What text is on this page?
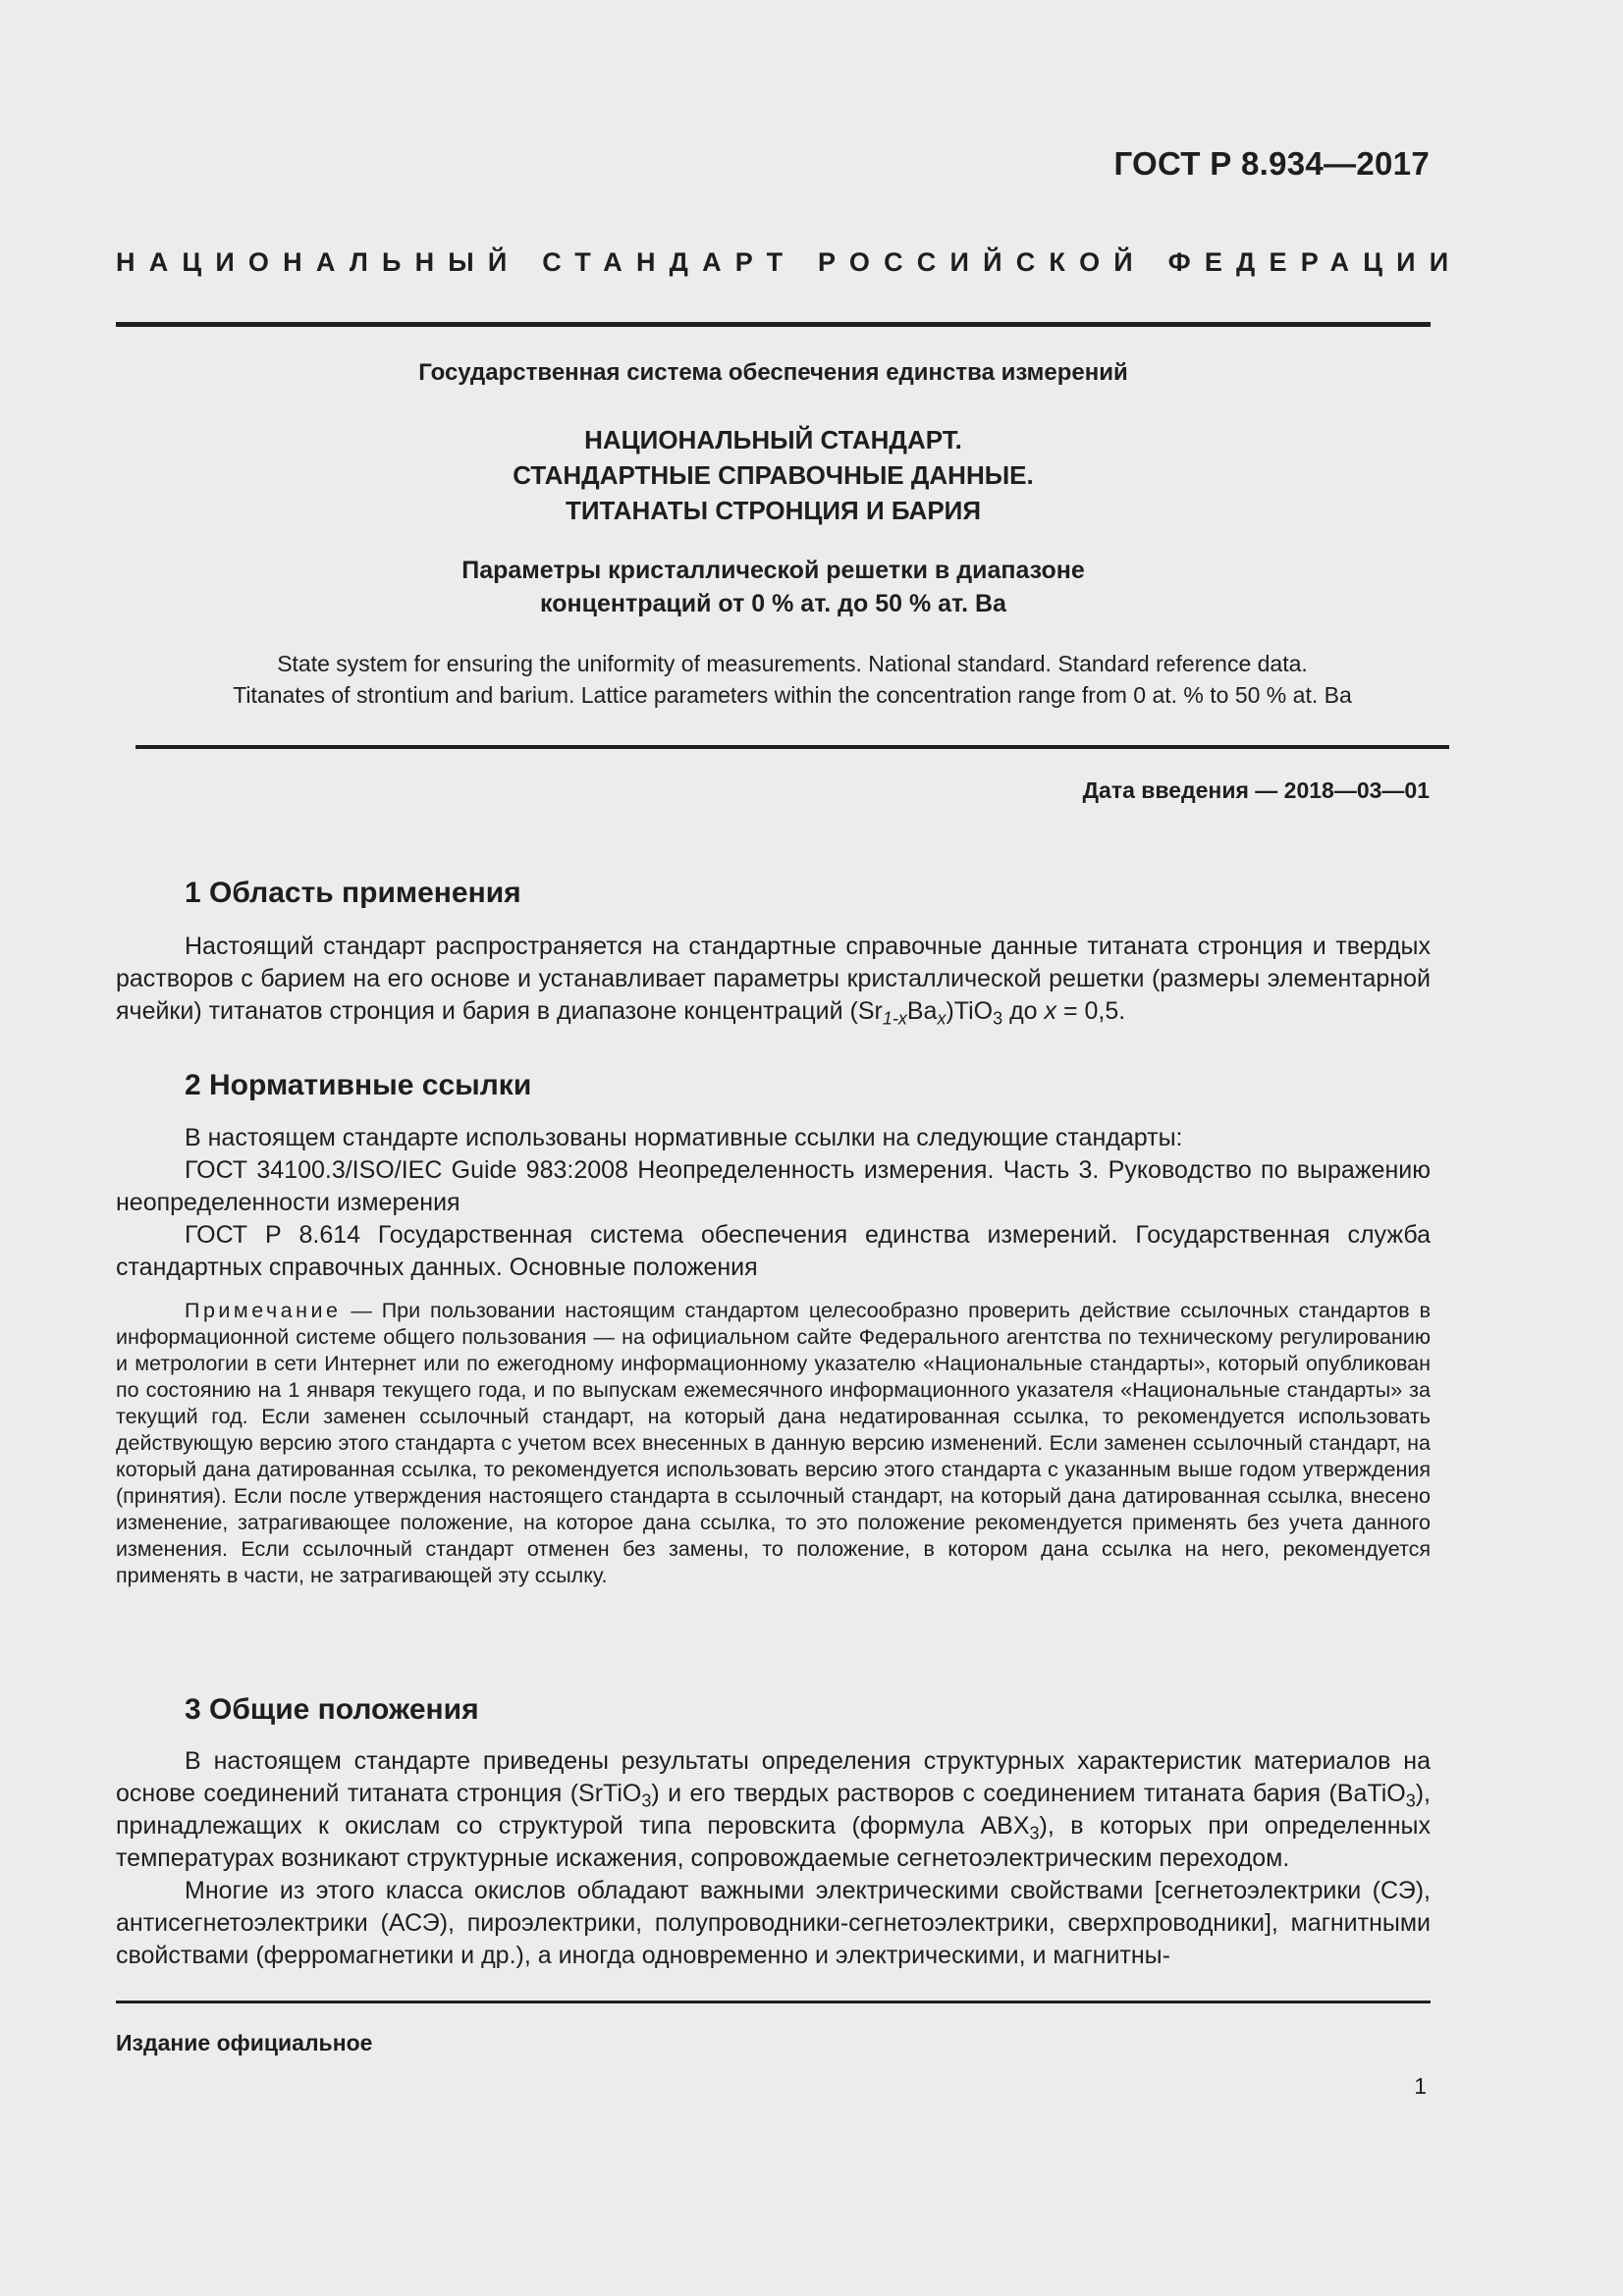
ГОСТ Р 8.934—2017
НАЦИОНАЛЬНЫЙ СТАНДАРТ РОССИЙСКОЙ ФЕДЕРАЦИИ
Государственная система обеспечения единства измерений
НАЦИОНАЛЬНЫЙ СТАНДАРТ.
СТАНДАРТНЫЕ СПРАВОЧНЫЕ ДАННЫЕ.
ТИТАНАТЫ СТРОНЦИЯ И БАРИЯ
Параметры кристаллической решетки в диапазоне
концентраций от 0 % ат. до 50 % ат. Ba
State system for ensuring the uniformity of measurements. National standard. Standard reference data.
Titanates of strontium and barium. Lattice parameters within the concentration range from 0 at. % to 50 % at. Ba
Дата введения — 2018—03—01
1 Область применения

Настоящий стандарт распространяется на стандартные справочные данные титаната стронция и твердых растворов с барием на его основе и устанавливает параметры кристаллической решетки (размеры элементарной ячейки) титанатов стронция и бария в диапазоне концентраций $(Sr_{1-x}Ba_x)TiO_3$ до x = 0,5.

2 Нормативные ссылки

В настоящем стандарте использованы нормативные ссылки на следующие стандарты:

ГОСТ 34100.3/ISO/IEC Guide 983:2008 Неопределенность измерения. Часть 3. Руководство по выражению неопределенности измерения

ГОСТ Р 8.614 Государственная система обеспечения единства измерений. Государственная служба стандартных справочных данных. Основные положения

Примечание — При пользовании настоящим стандартом целесообразно проверить действие ссылочных стандартов в информационной системе общего пользования — на официальном сайте Федерального агентства по техническому регулированию и метрологии в сети Интернет или по ежегодному информационному указателю «Национальные стандарты», который опубликован по состоянию на 1 января текущего года, и по выпускам ежемесячного информационного указателя «Национальные стандарты» за текущий год. Если заменен ссылочный стандарт, на который дана недатированная ссылка, то рекомендуется использовать действующую версию этого стандарта с учетом всех внесенных в данную версию изменений. Если заменен ссылочный стандарт, на который дана датированная ссылка, то рекомендуется использовать версию этого стандарта с указанным выше годом утверждения (принятия). Если после утверждения настоящего стандарта в ссылочный стандарт, на который дана датированная ссылка, внесено изменение, затрагивающее положение, на которое дана ссылка, то это положение рекомендуется применять без учета данного изменения. Если ссылочный стандарт отменен без замены, то положение, в котором дана ссылка на него, рекомендуется применять в части, не затрагивающей эту ссылку.

3 Общие положения

В настоящем стандарте приведены результаты определения структурных характеристик материалов на основе соединений титаната стронция (SrTiO$_3$) и его твердых растворов с соединением титаната бария (BaTiO$_3$), принадлежащих к окислам со структурой типа перовскита (формула $ABX_3$), в которых при определенных температурах возникают структурные искажения, сопровождаемые сегнетоэлектрическим переходом.

Многие из этого класса окислов обладают важными электрическими свойствами [сегнетоэлектрики (СЭ), антисегнетоэлектрики (АСЭ), пироэлектрики, полупроводники-сегнетоэлектрики, сверхпроводники], магнитными свойствами (ферромагнетики и др.), а иногда одновременно и электрическими, и магнитны-

Издание официальное
1
